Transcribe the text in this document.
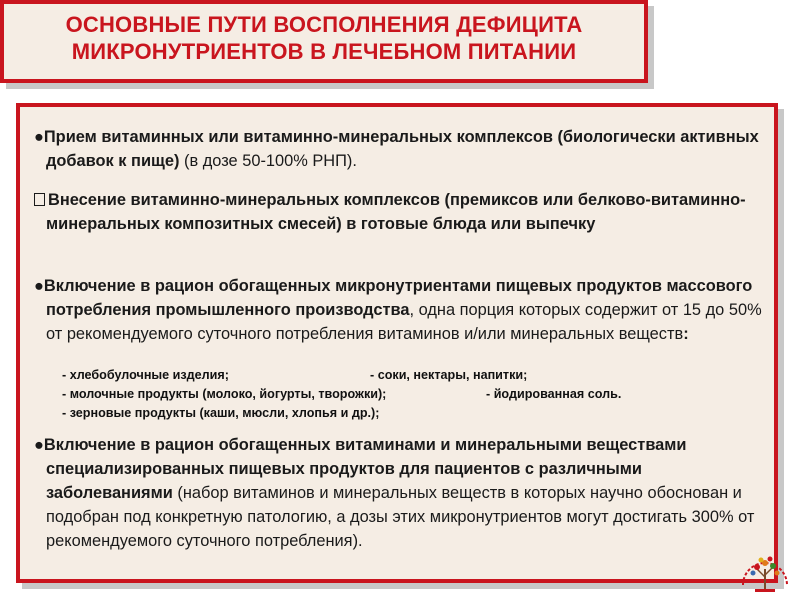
ОСНОВНЫЕ ПУТИ ВОСПОЛНЕНИЯ ДЕФИЦИТА
МИКРОНУТРИЕНТОВ В ЛЕЧЕБНОМ ПИТАНИИ
●Прием витаминных или витаминно-минеральных комплексов (биологически активных добавок к пище) (в дозе 50-100% РНП).
Внесение витаминно-минеральных комплексов (премиксов или белково-витаминно-минеральных композитных смесей) в готовые блюда или выпечку
●Включение в рацион обогащенных микронутриентами пищевых продуктов массового потребления промышленного производства, одна порция которых содержит от 15 до 50% от рекомендуемого суточного потребления витаминов и/или минеральных веществ:
- хлебобулочные изделия;	- соки, нектары, напитки;
- молочные продукты (молоко, йогурты, творожки);	- йодированная соль.
- зерновые продукты (каши, мюсли, хлопья и др.);
●Включение в рацион обогащенных витаминами и минеральными веществами специализированных пищевых продуктов для пациентов с различными заболеваниями (набор витаминов и минеральных веществ в которых научно обоснован и подобран под конкретную патологию, а дозы этих микронутриентов могут достигать 300% от рекомендуемого суточного потребления).
